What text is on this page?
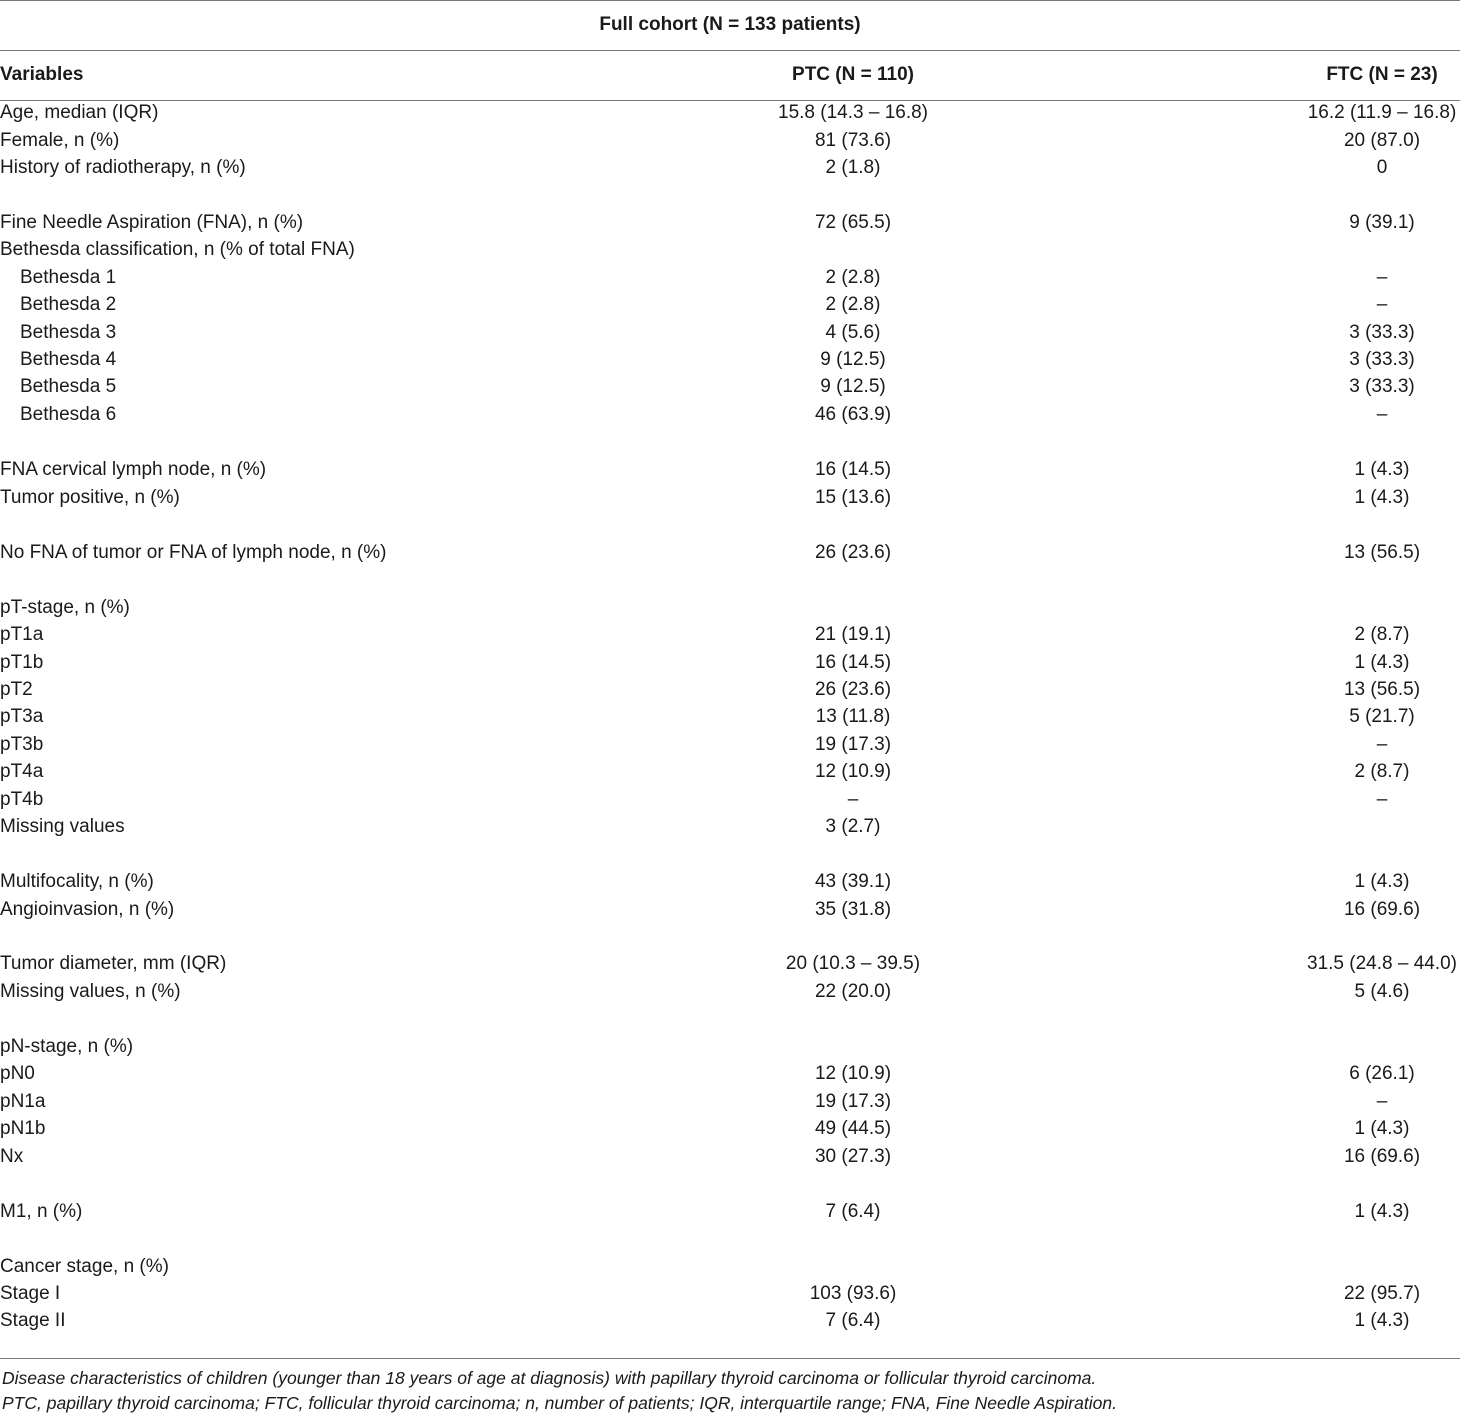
Full cohort (N = 133 patients)
Variables	PTC (N = 110)	FTC (N = 23)
Age, median (IQR)	15.8 (14.3 – 16.8)	16.2 (11.9 – 16.8)
Female, n (%)	81 (73.6)	20 (87.0)
History of radiotherapy, n (%)	2 (1.8)	0
Fine Needle Aspiration (FNA), n (%)	72 (65.5)	9 (39.1)
Bethesda classification, n (% of total FNA)
Bethesda 1	2 (2.8)	–
Bethesda 2	2 (2.8)	–
Bethesda 3	4 (5.6)	3 (33.3)
Bethesda 4	9 (12.5)	3 (33.3)
Bethesda 5	9 (12.5)	3 (33.3)
Bethesda 6	46 (63.9)	–
FNA cervical lymph node, n (%)	16 (14.5)	1 (4.3)
Tumor positive, n (%)	15 (13.6)	1 (4.3)
No FNA of tumor or FNA of lymph node, n (%)	26 (23.6)	13 (56.5)
pT-stage, n (%)
pT1a	21 (19.1)	2 (8.7)
pT1b	16 (14.5)	1 (4.3)
pT2	26 (23.6)	13 (56.5)
pT3a	13 (11.8)	5 (21.7)
pT3b	19 (17.3)	–
pT4a	12 (10.9)	2 (8.7)
pT4b	–	–
Missing values	3 (2.7)
Multifocality, n (%)	43 (39.1)	1 (4.3)
Angioinvasion, n (%)	35 (31.8)	16 (69.6)
Tumor diameter, mm (IQR)	20 (10.3 – 39.5)	31.5 (24.8 – 44.0)
Missing values, n (%)	22 (20.0)	5 (4.6)
pN-stage, n (%)
pN0	12 (10.9)	6 (26.1)
pN1a	19 (17.3)	–
pN1b	49 (44.5)	1 (4.3)
Nx	30 (27.3)	16 (69.6)
M1, n (%)	7 (6.4)	1 (4.3)
Cancer stage, n (%)
Stage I	103 (93.6)	22 (95.7)
Stage II	7 (6.4)	1 (4.3)
Disease characteristics of children (younger than 18 years of age at diagnosis) with papillary thyroid carcinoma or follicular thyroid carcinoma.
PTC, papillary thyroid carcinoma; FTC, follicular thyroid carcinoma; n, number of patients; IQR, interquartile range; FNA, Fine Needle Aspiration.
